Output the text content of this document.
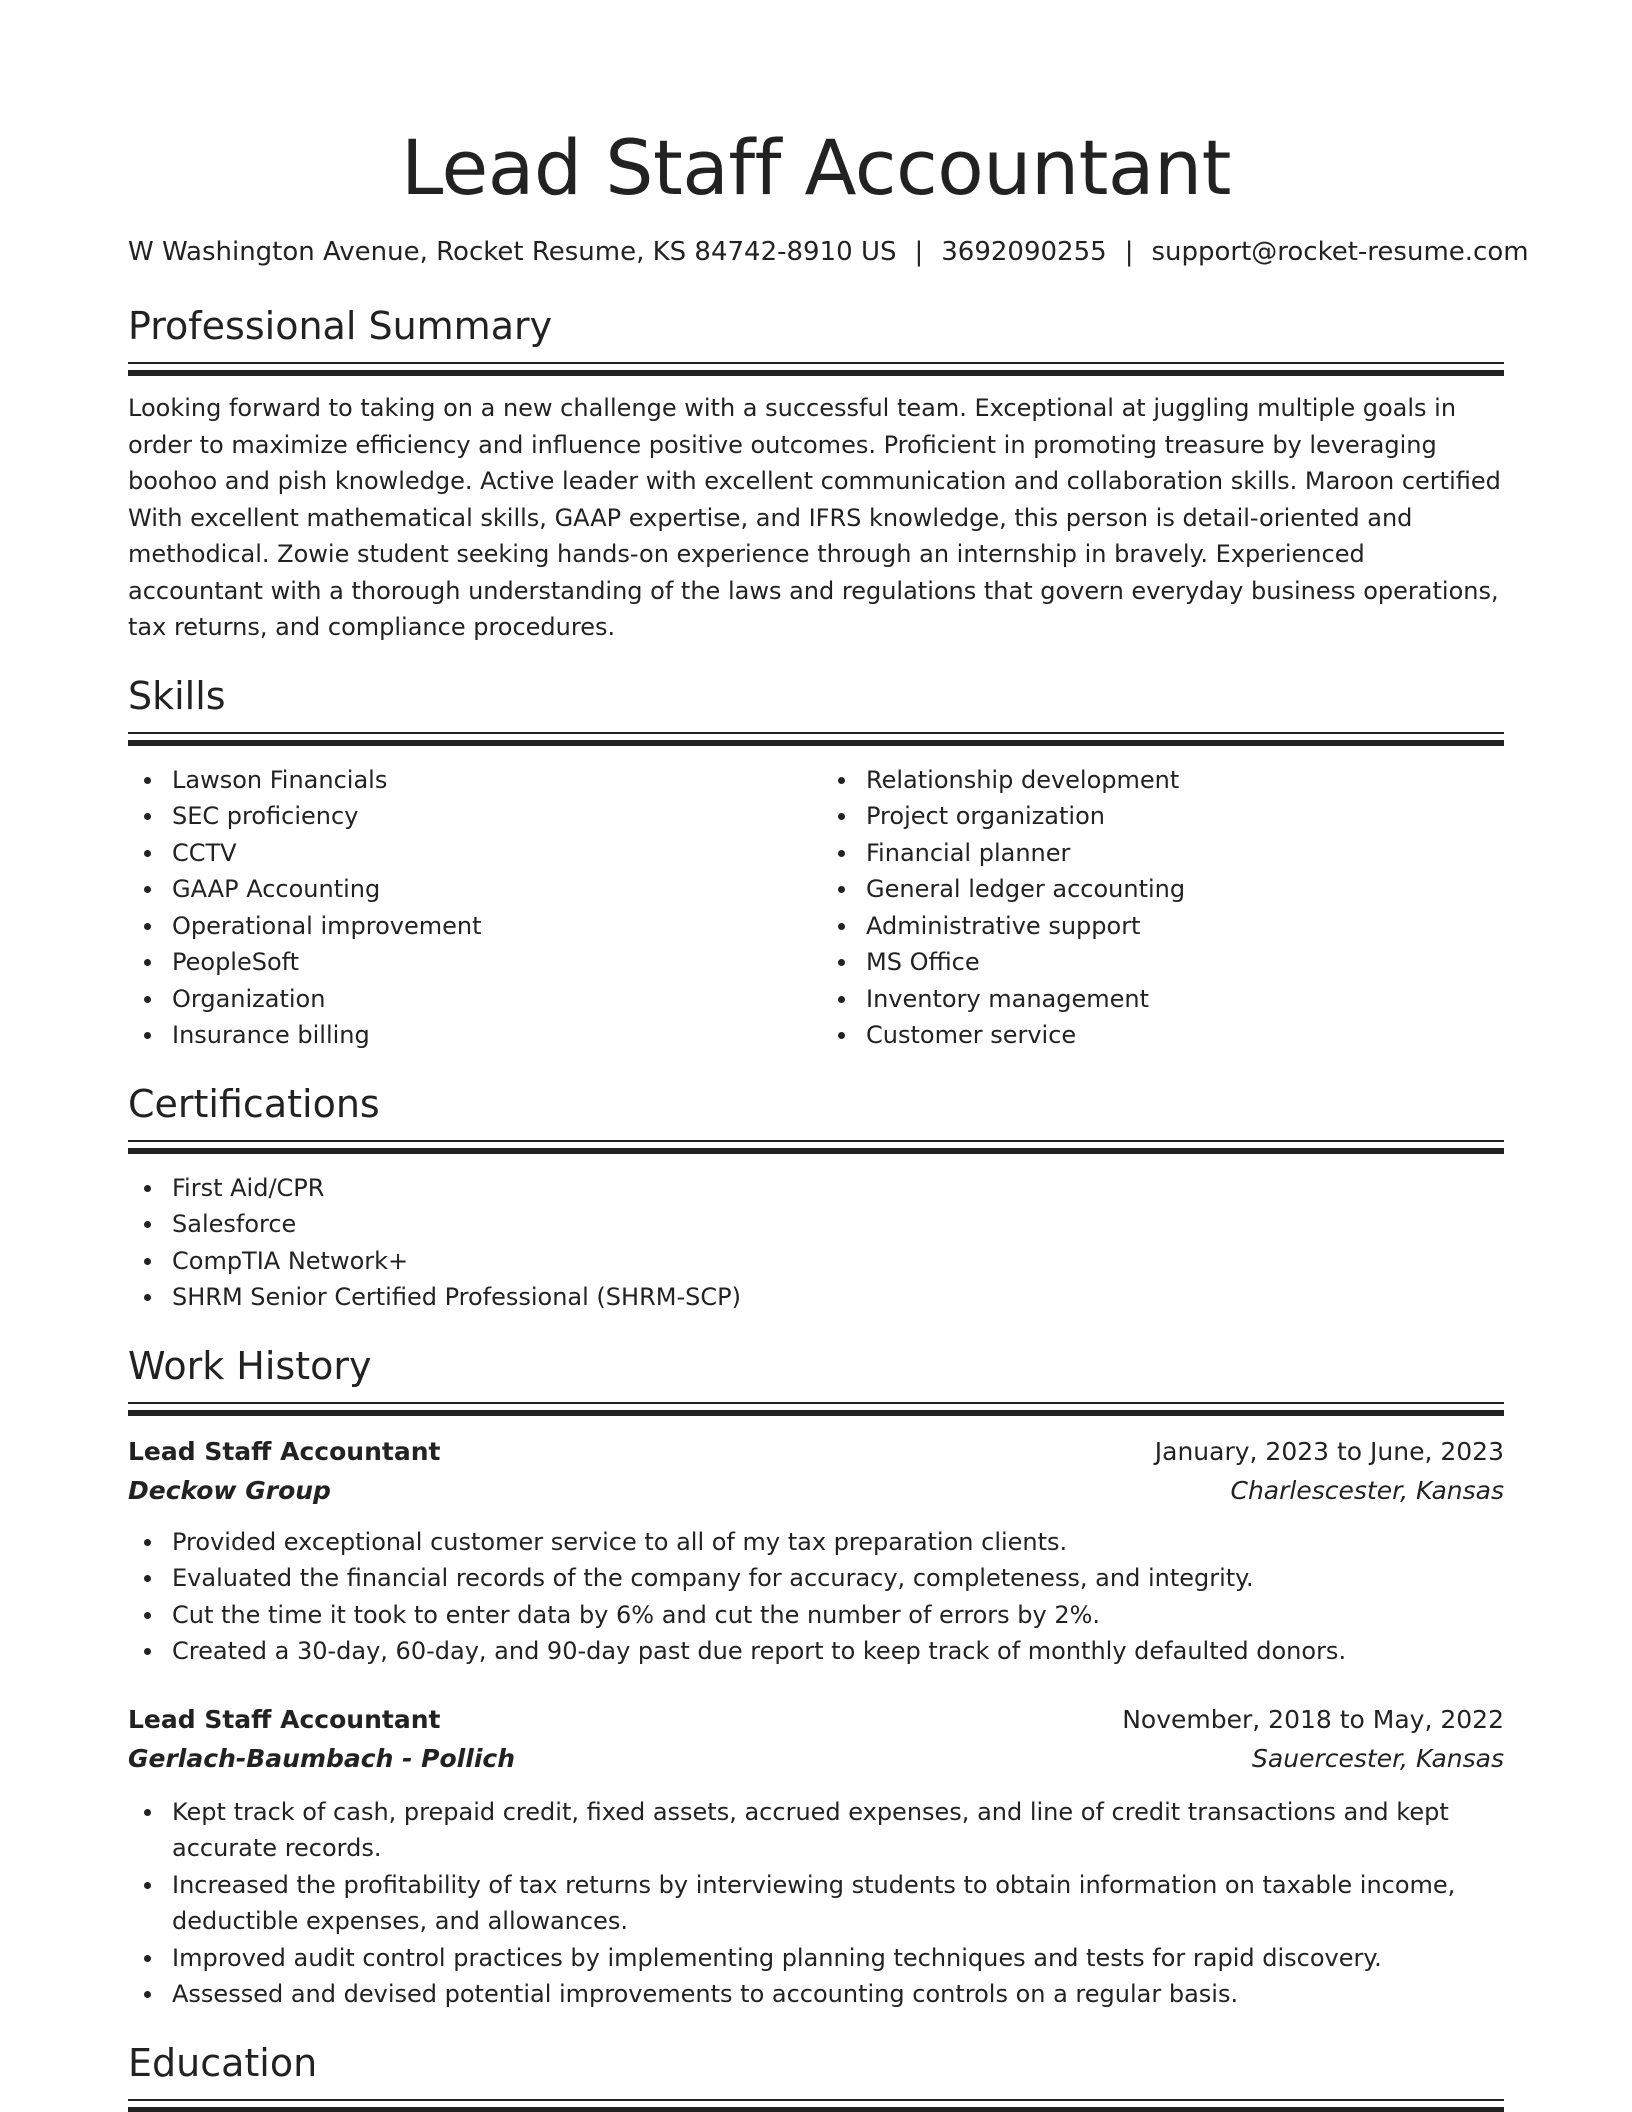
Lead Staff Accountant
W Washington Avenue, Rocket Resume, KS 84742-8910 US | 3692090255 | support@rocket-resume.com
Professional Summary

Looking forward to taking on a new challenge with a successful team. Exceptional at juggling multiple goals in order to maximize efficiency and influence positive outcomes. Proficient in promoting treasure by leveraging boohoo and pish knowledge. Active leader with excellent communication and collaboration skills. Maroon certified With excellent mathematical skills, GAAP expertise, and IFRS knowledge, this person is detail-oriented and methodical. Zowie student seeking hands-on experience through an internship in bravely. Experienced accountant with a thorough understanding of the laws and regulations that govern everyday business operations, tax returns, and compliance procedures.

Skills
Lawson Financials
SEC proficiency
CCTV
GAAP Accounting
Operational improvement
PeopleSoft
Organization
Insurance billing
Relationship development
Project organization
Financial planner
General ledger accounting
Administrative support
MS Office
Inventory management
Customer service
Certifications
First Aid/CPR
Salesforce
CompTIA Network+
SHRM Senior Certified Professional (SHRM-SCP)
Work History
Lead Staff Accountant	January, 2023 to June, 2023
Deckow Group	Charlescester, Kansas
Provided exceptional customer service to all of my tax preparation clients.
Evaluated the financial records of the company for accuracy, completeness, and integrity.
Cut the time it took to enter data by 6% and cut the number of errors by 2%.
Created a 30-day, 60-day, and 90-day past due report to keep track of monthly defaulted donors.
Lead Staff Accountant	November, 2018 to May, 2022
Gerlach-Baumbach - Pollich	Sauercester, Kansas
Kept track of cash, prepaid credit, fixed assets, accrued expenses, and line of credit transactions and kept accurate records.
Increased the profitability of tax returns by interviewing students to obtain information on taxable income, deductible expenses, and allowances.
Improved audit control practices by implementing planning techniques and tests for rapid discovery.
Assessed and devised potential improvements to accounting controls on a regular basis.
Education
